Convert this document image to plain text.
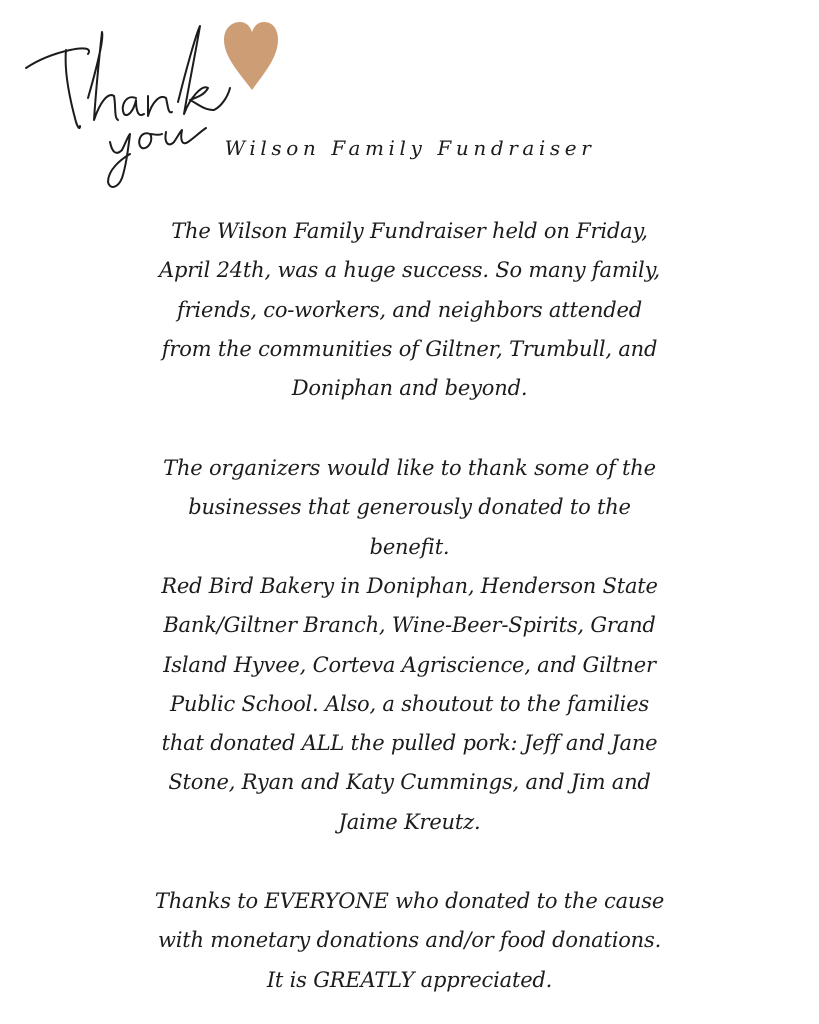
Wilson Family Fundraiser

The Wilson Family Fundraiser held on Friday,
April 24th, was a huge success. So many family,
friends, co-workers, and neighbors attended
from the communities of Giltner, Trumbull, and
Doniphan and beyond.

The organizers would like to thank some of the
businesses that generously donated to the
benefit.

Red Bird Bakery in Doniphan, Henderson State
Bank/Giltner Branch, Wine-Beer-Spirits, Grand
Island Hyvee, Corteva Agriscience, and Giltner
Public School. Also, a shoutout to the families
that donated ALL the pulled pork: Jeff and Jane
Stone, Ryan and Katy Cummings, and Jim and
Jaime Kreutz.

Thanks to EVERYONE who donated to the cause
with monetary donations and/or food donations.
It is GREATLY appreciated.
